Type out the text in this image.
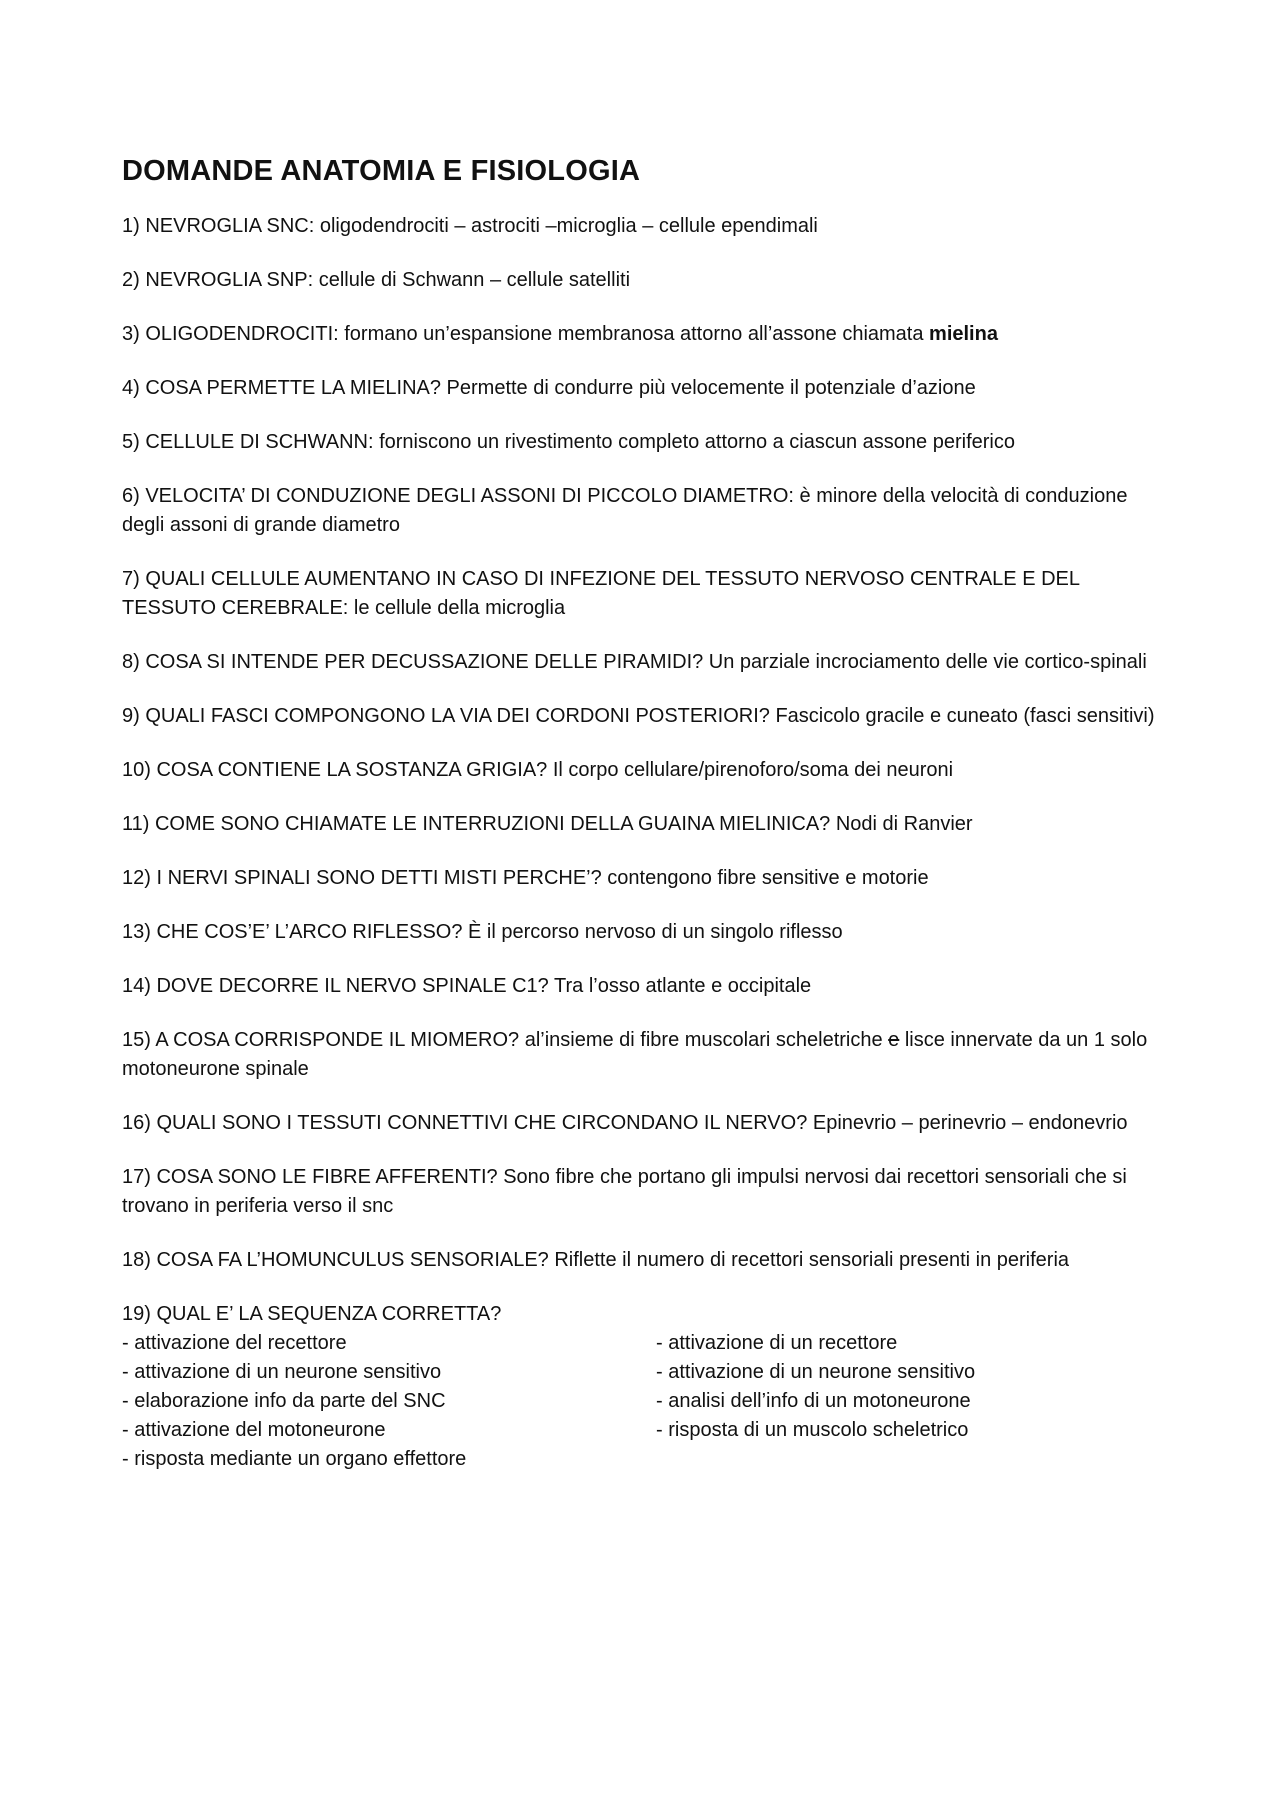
DOMANDE ANATOMIA E FISIOLOGIA

1) NEVROGLIA SNC: oligodendrociti – astrociti –microglia – cellule ependimali

2) NEVROGLIA SNP: cellule di Schwann – cellule satelliti

3) OLIGODENDROCITI: formano un’espansione membranosa attorno all’assone chiamata mielina

4) COSA PERMETTE LA MIELINA? Permette di condurre più velocemente il potenziale d’azione

5) CELLULE DI SCHWANN: forniscono un rivestimento completo attorno a ciascun assone periferico

6) VELOCITA’ DI CONDUZIONE DEGLI ASSONI DI PICCOLO DIAMETRO: è minore della velocità di conduzione degli assoni di grande diametro

7) QUALI CELLULE AUMENTANO IN CASO DI INFEZIONE DEL TESSUTO NERVOSO CENTRALE E DEL TESSUTO CEREBRALE: le cellule della microglia

8) COSA SI INTENDE PER DECUSSAZIONE DELLE PIRAMIDI? Un parziale incrociamento delle vie cortico-spinali

9) QUALI FASCI COMPONGONO LA VIA DEI CORDONI POSTERIORI? Fascicolo gracile e cuneato (fasci sensitivi)

10) COSA CONTIENE LA SOSTANZA GRIGIA? Il corpo cellulare/pirenoforo/soma dei neuroni

11) COME SONO CHIAMATE LE INTERRUZIONI DELLA GUAINA MIELINICA? Nodi di Ranvier

12) I NERVI SPINALI SONO DETTI MISTI PERCHE’? contengono fibre sensitive e motorie

13) CHE COS’E’ L’ARCO RIFLESSO? È il percorso nervoso di un singolo riflesso

14) DOVE DECORRE IL NERVO SPINALE C1? Tra l’osso atlante e occipitale

15) A COSA CORRISPONDE IL MIOMERO? al’insieme di fibre muscolari scheletriche e lisce innervate da un 1 solo motoneurone spinale

16) QUALI SONO I TESSUTI CONNETTIVI CHE CIRCONDANO IL NERVO? Epinevrio – perinevrio – endonevrio

17) COSA SONO LE FIBRE AFFERENTI? Sono fibre che portano gli impulsi nervosi dai recettori sensoriali che si trovano in periferia verso il snc

18) COSA FA L’HOMUNCULUS SENSORIALE? Riflette il numero di recettori sensoriali presenti in periferia

19) QUAL E’ LA SEQUENZA CORRETTA?
- attivazione del recettore
- attivazione di un neurone sensitivo
- elaborazione info da parte del SNC
- attivazione del motoneurone
- risposta mediante un organo effettore
- attivazione di un recettore
- attivazione di un neurone sensitivo
- analisi dell’info di un motoneurone
- risposta di un muscolo scheletrico
